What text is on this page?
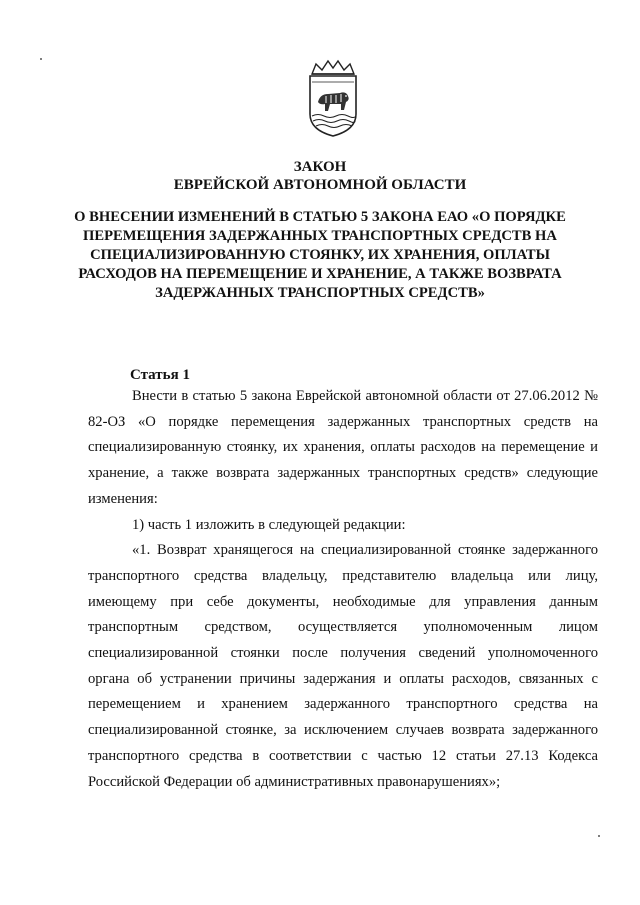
ЗАКОН
ЕВРЕЙСКОЙ АВТОНОМНОЙ ОБЛАСТИ
О ВНЕСЕНИИ ИЗМЕНЕНИЙ В СТАТЬЮ 5 ЗАКОНА ЕАО «О ПОРЯДКЕ ПЕРЕМЕЩЕНИЯ ЗАДЕРЖАННЫХ ТРАНСПОРТНЫХ СРЕДСТВ НА СПЕЦИАЛИЗИРОВАННУЮ СТОЯНКУ, ИХ ХРАНЕНИЯ, ОПЛАТЫ РАСХОДОВ НА ПЕРЕМЕЩЕНИЕ И ХРАНЕНИЕ, А ТАКЖЕ ВОЗВРАТА ЗАДЕРЖАННЫХ ТРАНСПОРТНЫХ СРЕДСТВ»
Статья 1

Внести в статью 5 закона Еврейской автономной области от 27.06.2012 № 82-ОЗ «О порядке перемещения задержанных транспортных средств на специализированную стоянку, их хранения, оплаты расходов на перемещение и хранение, а также возврата задержанных транспортных средств» следующие изменения:

1) часть 1 изложить в следующей редакции:

«1. Возврат хранящегося на специализированной стоянке задержанного транспортного средства владельцу, представителю владельца или лицу, имеющему при себе документы, необходимые для управления данным транспортным средством, осуществляется уполномоченным лицом специализированной стоянки после получения сведений уполномоченного органа об устранении причины задержания и оплаты расходов, связанных с перемещением и хранением задержанного транспортного средства на специализированной стоянке, за исключением случаев возврата задержанного транспортного средства в соответствии с частью 12 статьи 27.13 Кодекса Российской Федерации об административных правонарушениях»;
